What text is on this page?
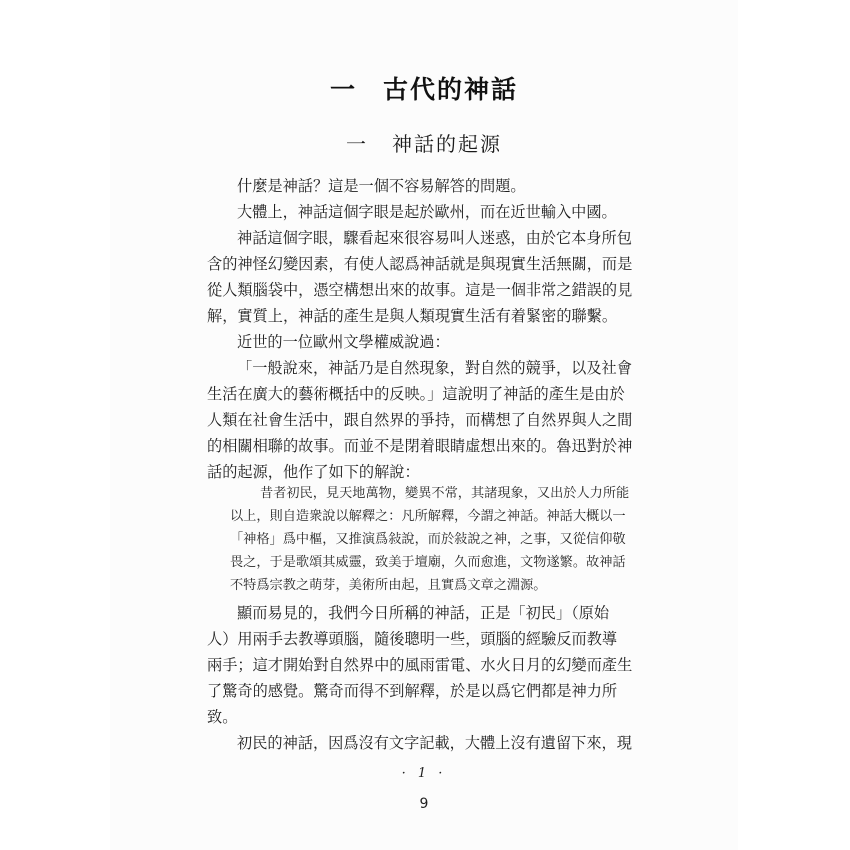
一 古代的神話
一 神話的起源
什麼是神話？這是一個不容易解答的問題。
大體上，神話這個字眼是起於歐州，而在近世輸入中國。
神話這個字眼，驟看起來很容易叫人迷惑，由於它本身所包
含的神怪幻變因素，有使人認爲神話就是與現實生活無關，而是
從人類腦袋中，憑空構想出來的故事。這是一個非常之錯誤的見
解，實質上，神話的產生是與人類現實生活有着緊密的聯繫。
近世的一位歐州文學權威說過：
「一般說來，神話乃是自然現象，對自然的競爭，以及社會
生活在廣大的藝術概括中的反映。」這說明了神話的產生是由於
人類在社會生活中，跟自然界的爭持，而構想了自然界與人之間
的相關相聯的故事。而並不是閉着眼睛虛想出來的。魯迅對於神
話的起源，他作了如下的解說：
昔者初民，見天地萬物，變異不常，其諸現象，又出於人力所能
以上，則自造衆說以解釋之：凡所解釋，今謂之神話。神話大概以一
「神格」爲中樞，又推演爲敍說，而於敍說之神，之事，又從信仰敬
畏之，于是歌頌其威靈，致美于壇廟，久而愈進，文物遂繁。故神話
不特爲宗教之萌芽，美術所由起，且實爲文章之淵源。
顯而易見的，我們今日所稱的神話，正是「初民」（原始
人）用兩手去教導頭腦，隨後聰明一些，頭腦的經驗反而教導
兩手；這才開始對自然界中的風雨雷電、水火日月的幻變而產生
了驚奇的感覺。驚奇而得不到解釋，於是以爲它們都是神力所
致。
初民的神話，因爲沒有文字記載，大體上沒有遺留下來，現
· 1 ·
9
